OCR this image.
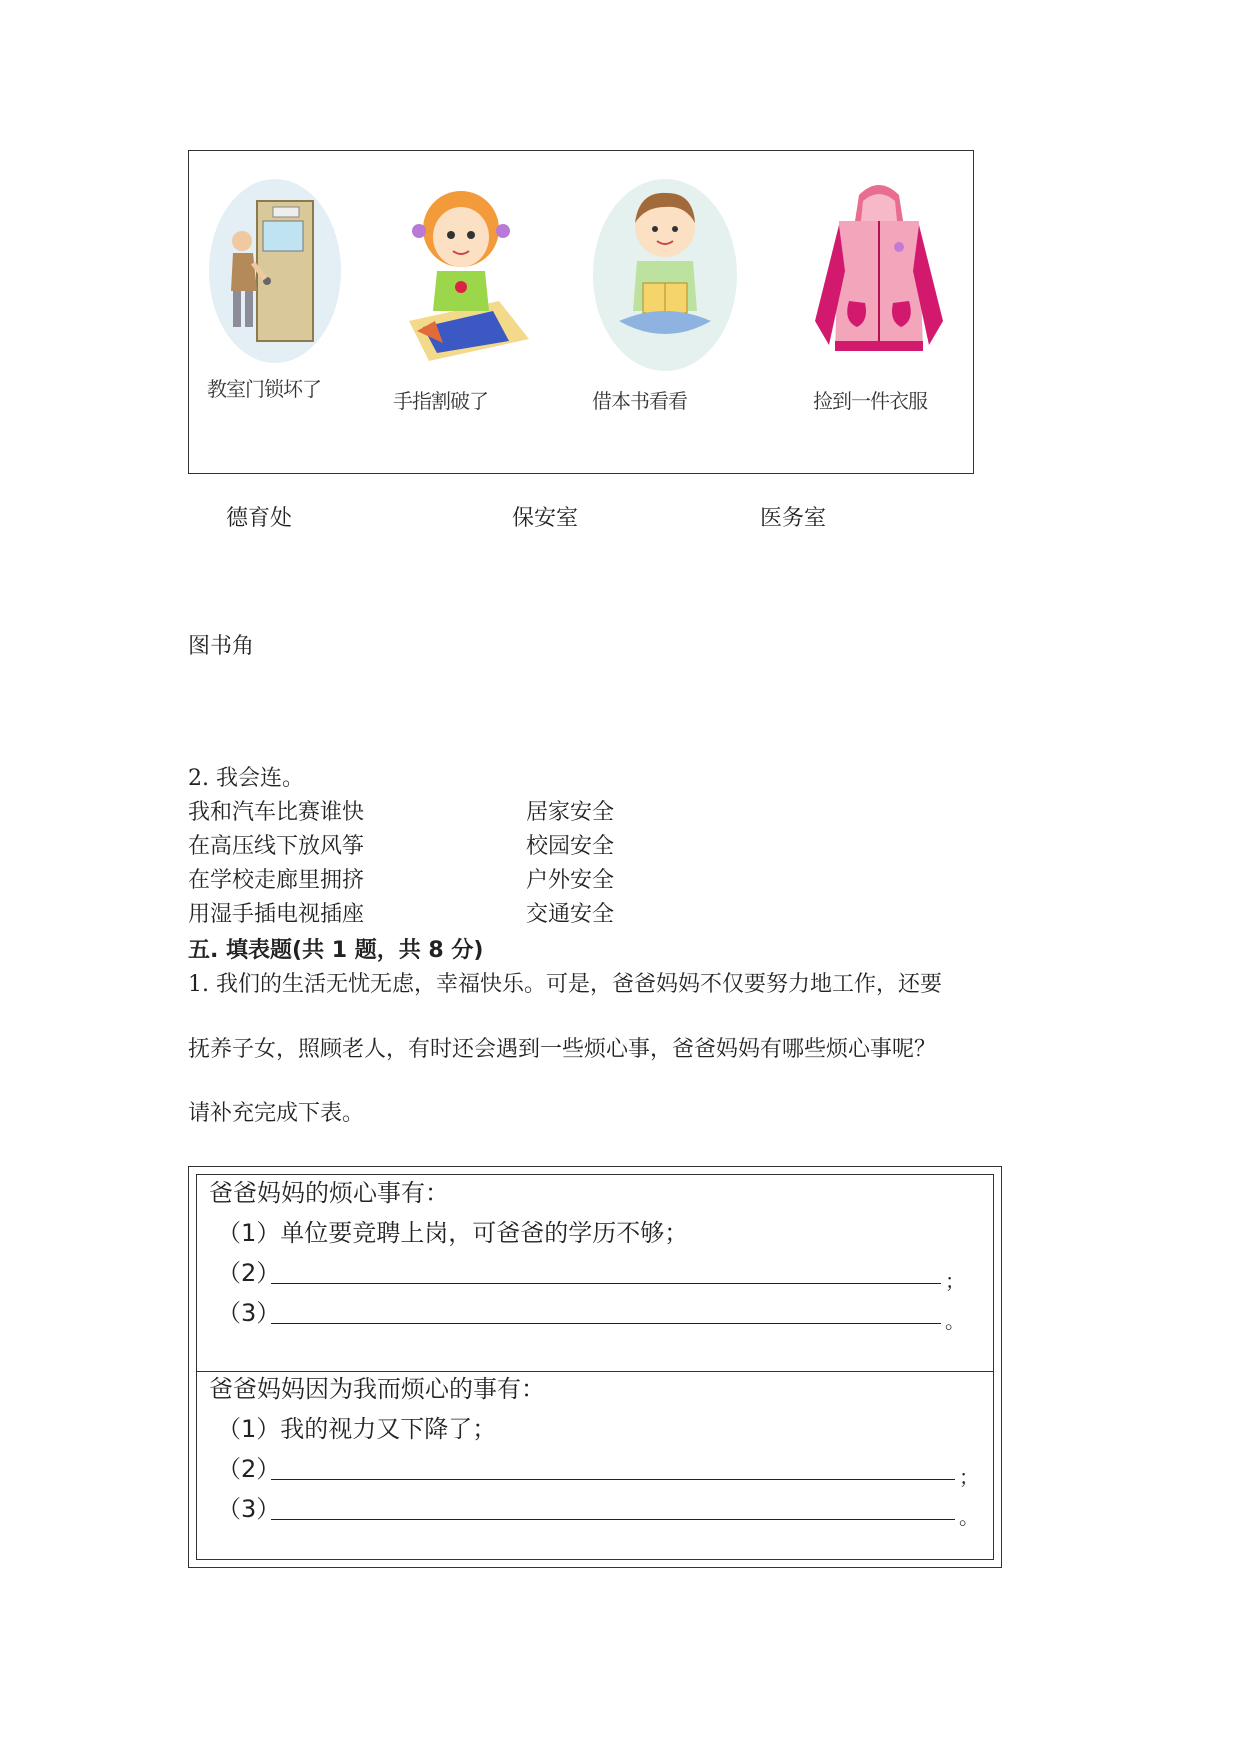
教室门锁坏了	手指割破了	借本书看看	捡到一件衣服
德育处	保安室	医务室
图书角
2. 我会连。
我和汽车比赛谁快
在高压线下放风筝
在学校走廊里拥挤
用湿手插电视插座
居家安全
校园安全
户外安全
交通安全
五. 填表题(共 1 题，共 8 分)
1. 我们的生活无忧无虑，幸福快乐。可是，爸爸妈妈不仅要努力地工作，还要
抚养子女，照顾老人，有时还会遇到一些烦心事，爸爸妈妈有哪些烦心事呢？
请补充完成下表。
爸爸妈妈的烦心事有：
（1）单位要竞聘上岗，可爸爸的学历不够；
（2）	；
（3）	。
爸爸妈妈因为我而烦心的事有：
（1）我的视力又下降了；
（2）	；
（3）	。
